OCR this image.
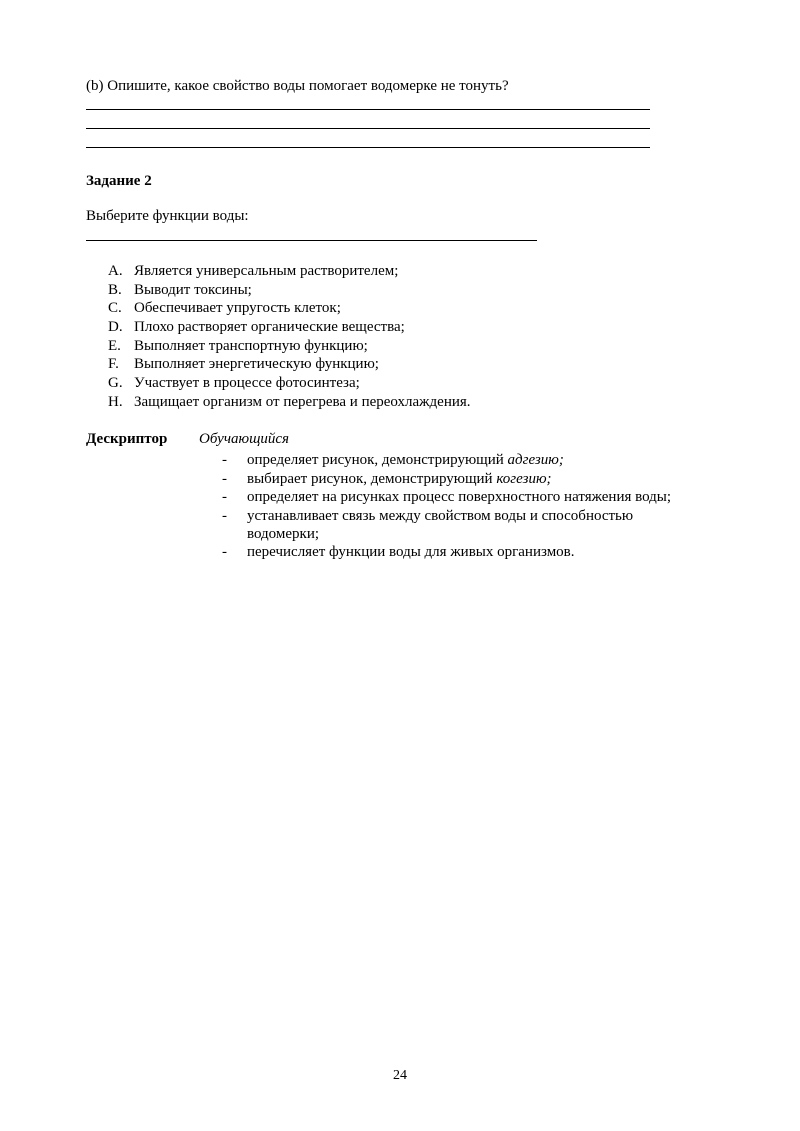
(b) Опишите, какое свойство воды помогает водомерке не тонуть?
Задание 2
Выберите функции воды:
A. Является универсальным растворителем;
B. Выводит токсины;
C. Обеспечивает упругость клеток;
D. Плохо растворяет органические вещества;
E. Выполняет транспортную функцию;
F. Выполняет энергетическую функцию;
G. Участвует в процессе фотосинтеза;
H. Защищает организм от перегрева и переохлаждения.
Дескриптор Обучающийся
- определяет рисунок, демонстрирующий адгезию;
- выбирает рисунок, демонстрирующий когезию;
- определяет на рисунках процесс поверхностного натяжения воды;
- устанавливает связь между свойством воды и способностью водомерки;
- перечисляет функции воды для живых организмов.
24
